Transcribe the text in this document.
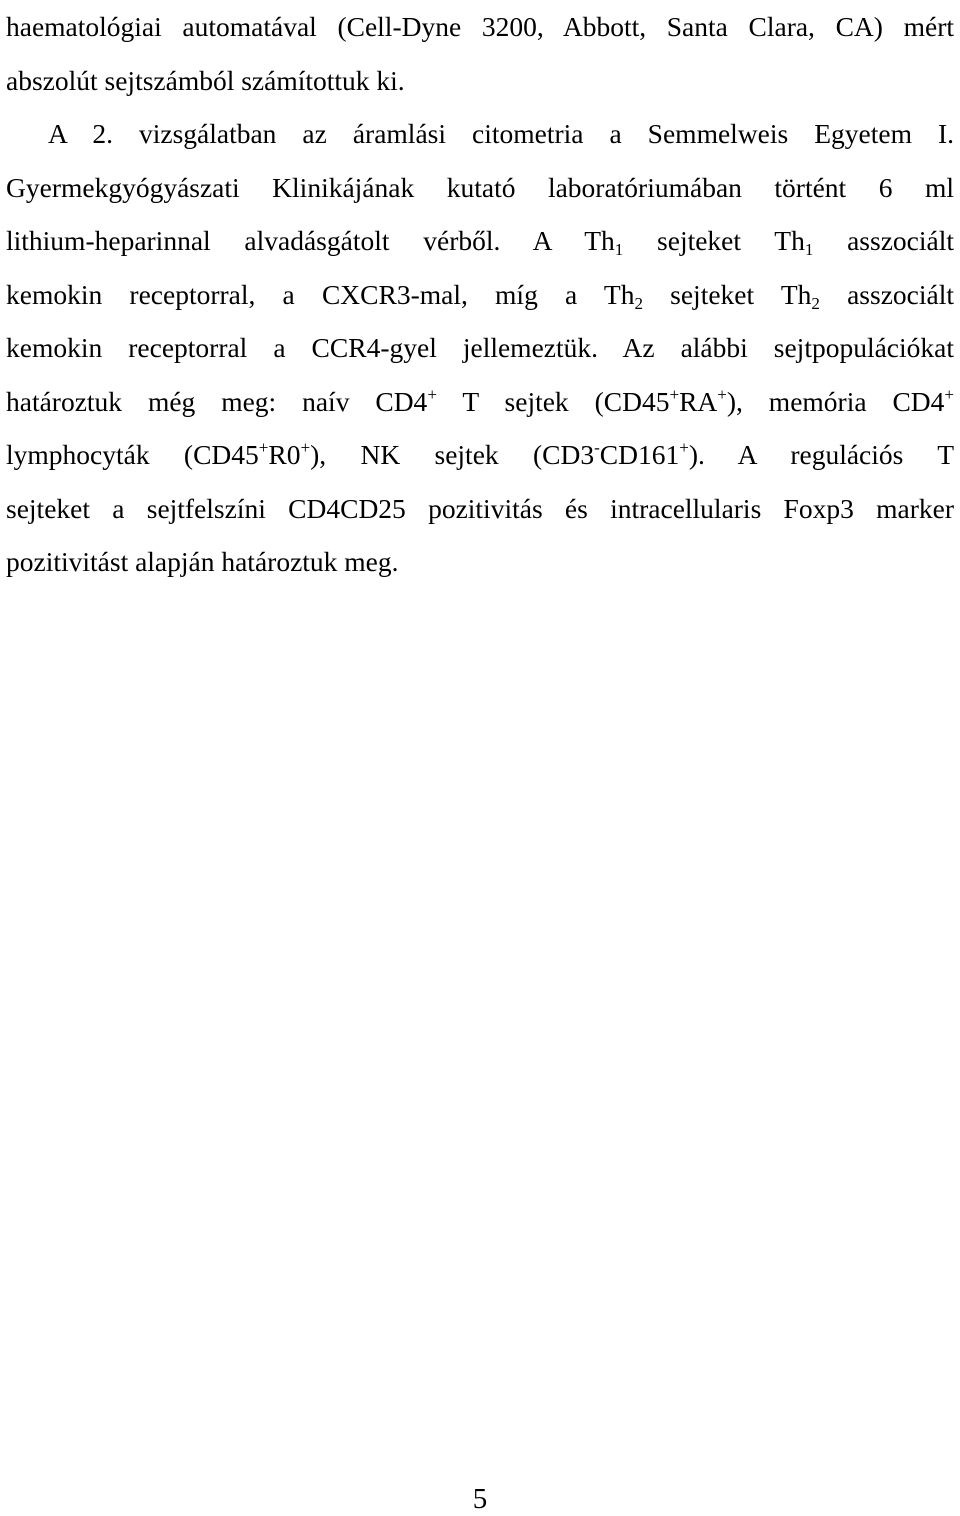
haematológiai automatával (Cell-Dyne 3200, Abbott, Santa Clara, CA) mért
abszolút sejtszámból számítottuk ki.
A 2. vizsgálatban az áramlási citometria a Semmelweis Egyetem I.
Gyermekgyógyászati Klinikájának kutató laboratóriumában történt 6 ml
lithium-heparinnal alvadásgátolt vérből. A $Th_1$ sejteket $Th_1$ asszociált
kemokin receptorral, a CXCR3-mal, míg a $Th_2$ sejteket $Th_2$ asszociált
kemokin receptorral a CCR4-gyel jellemeztük. Az alábbi sejtpopulációkat
határoztuk még meg: naív CD4+ T sejtek (CD45+RA+), memória CD4+
lymphocyták (CD45+R0+), NK sejtek (CD3-CD161+). A regulációs T
sejteket a sejtfelszíni CD4CD25 pozitivitás és intracellularis Foxp3 marker
pozitivitást alapján határoztuk meg.
5
